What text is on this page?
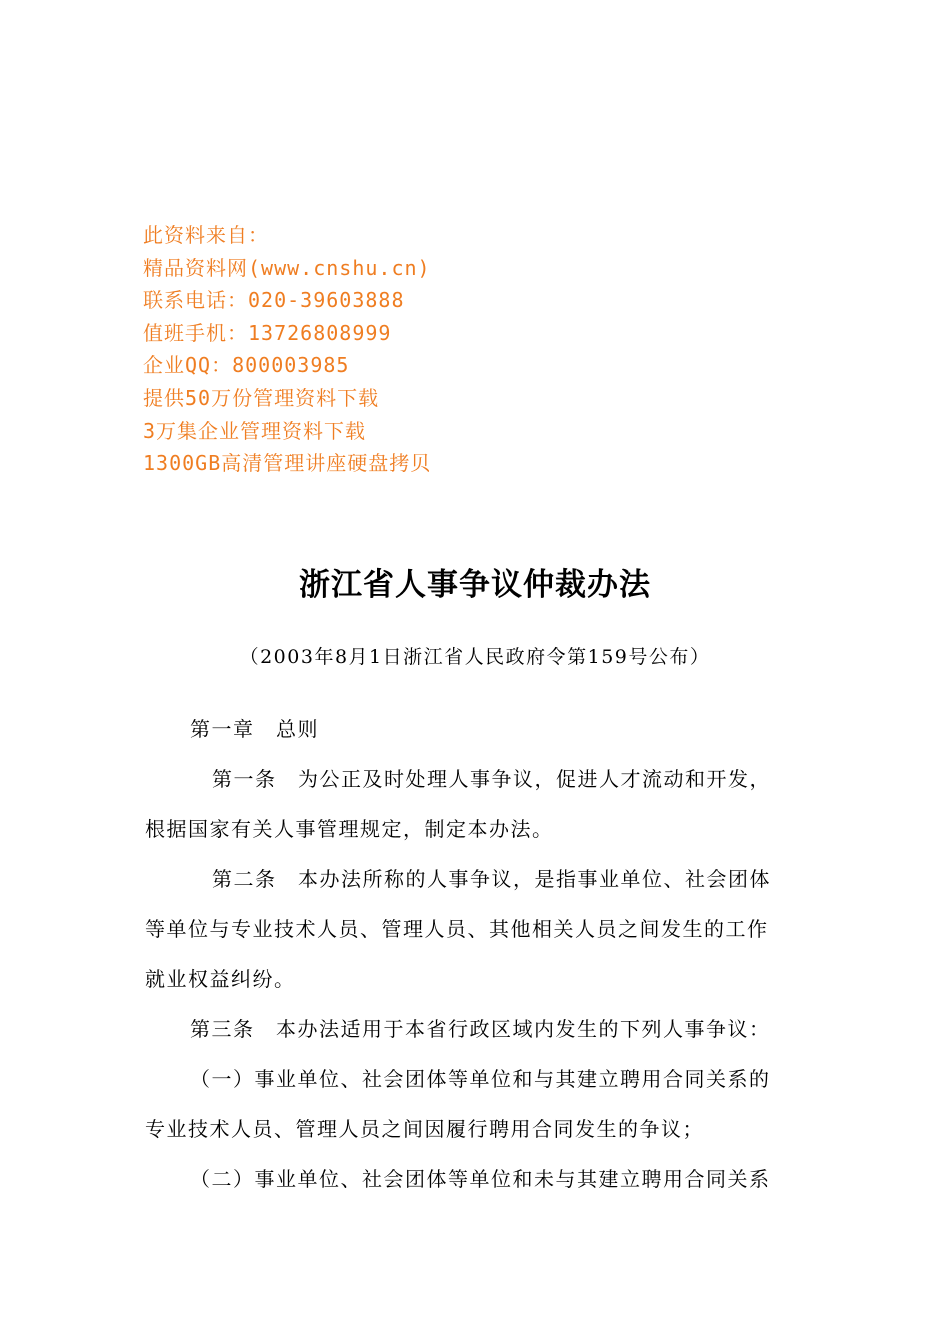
此资料来自：
精品资料网(www.cnshu.cn)
联系电话：020-39603888
值班手机：13726808999
企业QQ：800003985
提供50万份管理资料下载
3万集企业管理资料下载
1300GB高清管理讲座硬盘拷贝
浙江省人事争议仲裁办法
（2003年8月1日浙江省人民政府令第159号公布）
第一章　总则
第一条　为公正及时处理人事争议，促进人才流动和开发，
根据国家有关人事管理规定，制定本办法。
第二条　本办法所称的人事争议，是指事业单位、社会团体
等单位与专业技术人员、管理人员、其他相关人员之间发生的工作
就业权益纠纷。
第三条　本办法适用于本省行政区域内发生的下列人事争议：
（一）事业单位、社会团体等单位和与其建立聘用合同关系的
专业技术人员、管理人员之间因履行聘用合同发生的争议；
（二）事业单位、社会团体等单位和未与其建立聘用合同关系
